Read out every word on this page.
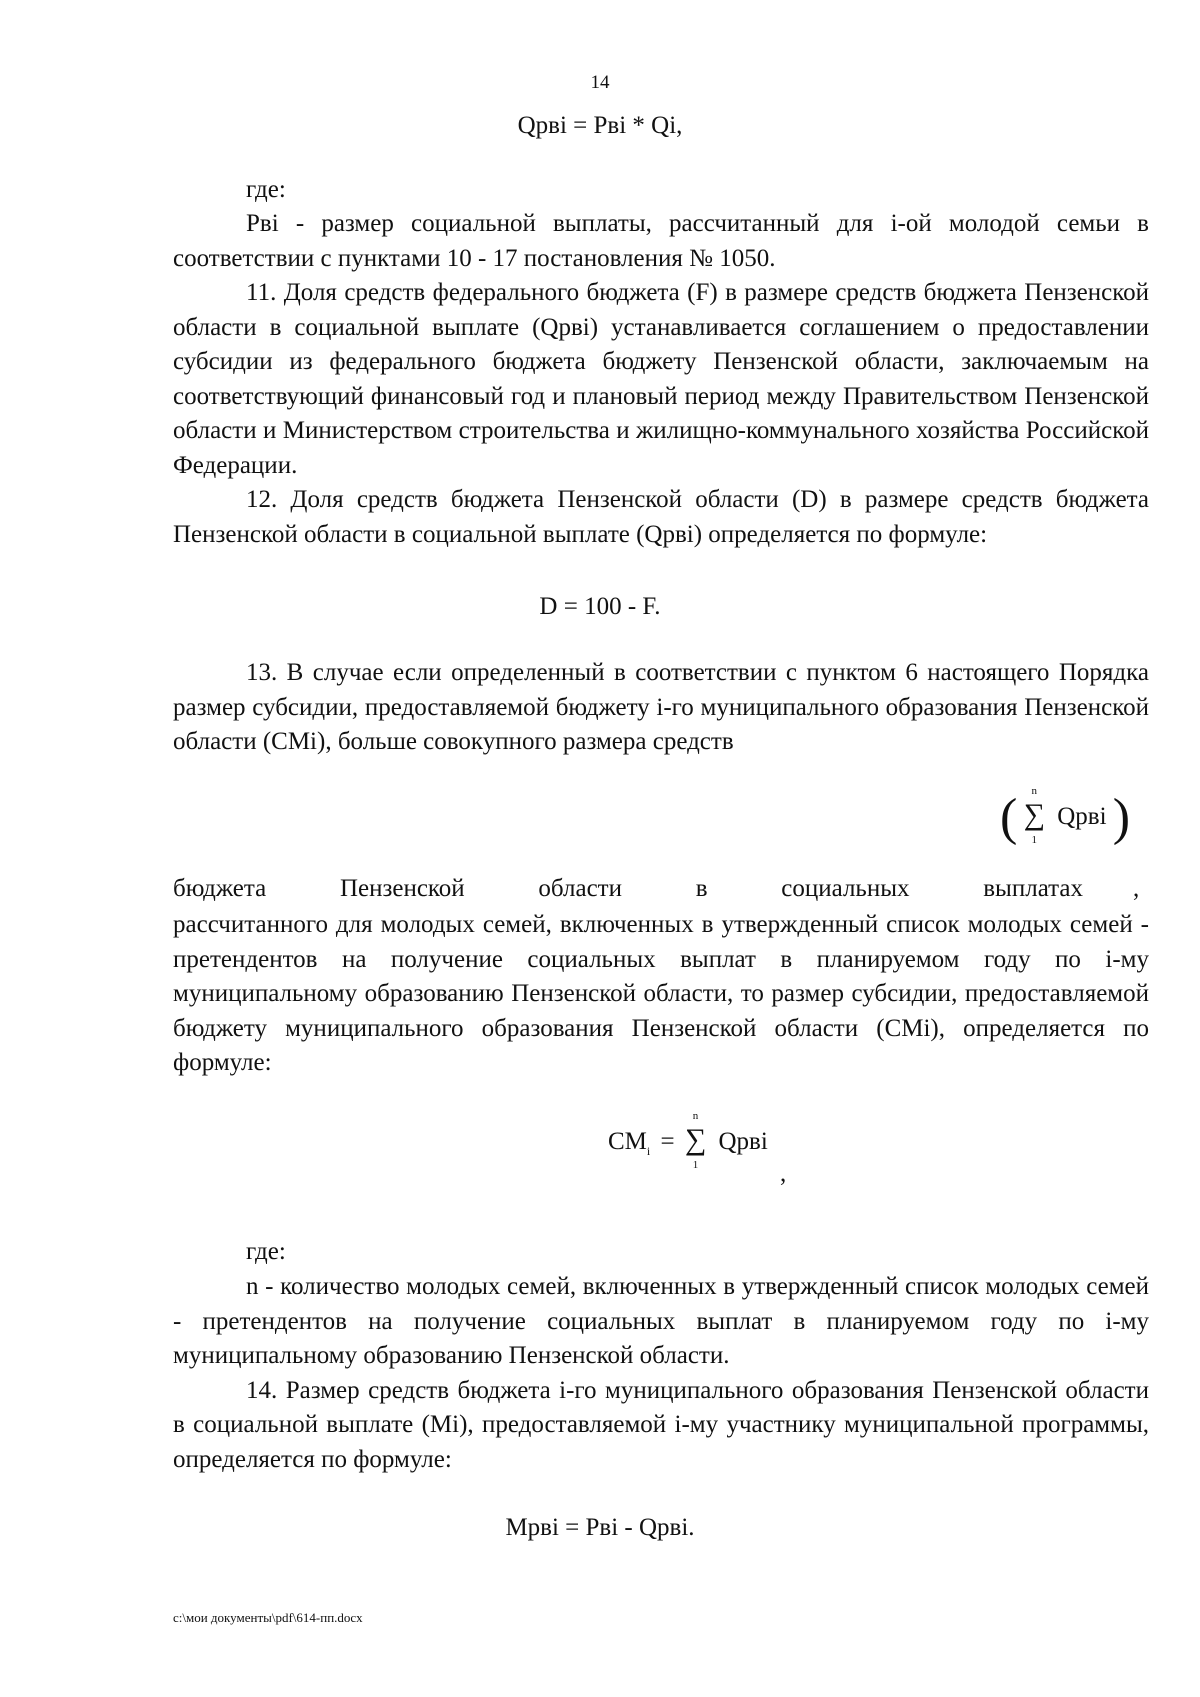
14
Qрвi = Рвi * Qi,
где:

Рвi - размер социальной выплаты, рассчитанный для i-ой молодой семьи в соответствии с пунктами 10 - 17 постановления № 1050.

11. Доля средств федерального бюджета (F) в размере средств бюджета Пензенской области в социальной выплате (Qрвi) устанавливается соглашением о предоставлении субсидии из федерального бюджета бюджету Пензенской области, заключаемым на соответствующий финансовый год и плановый период между Правительством Пензенской области и Министерством строительства и жилищно-коммунального хозяйства Российской Федерации.

12. Доля средств бюджета Пензенской области (D) в размере средств бюджета Пензенской области в социальной выплате (Qрвi) определяется по формуле:

D = 100 - F.

13. В случае если определенный в соответствии с пунктом 6 настоящего Порядка размер субсидии, предоставляемой бюджету i-го муниципального образования Пензенской области (СМi), больше совокупного размера средств

( ∑
n
1
Qрвi )
бюджета	Пензенской	области	в	социальных	выплатах ,

рассчитанного для молодых семей, включенных в утвержденный список молодых семей - претендентов на получение социальных выплат в планируемом году по i-му муниципальному образованию Пензенской области, то размер субсидии, предоставляемой бюджету муниципального образования Пензенской области (СМi), определяется по формуле:

$СМ_i$ = ∑
n
1
Qрвi
,
где:

n - количество молодых семей, включенных в утвержденный список молодых семей - претендентов на получение социальных выплат в планируемом году по i-му муниципальному образованию Пензенской области.

14. Размер средств бюджета i-го муниципального образования Пензенской области в социальной выплате (Мi), предоставляемой i-му участнику муниципальной программы, определяется по формуле:

Мрвi = Рвi - Qрвi.
c:\мои документы\pdf\614-пп.docx
